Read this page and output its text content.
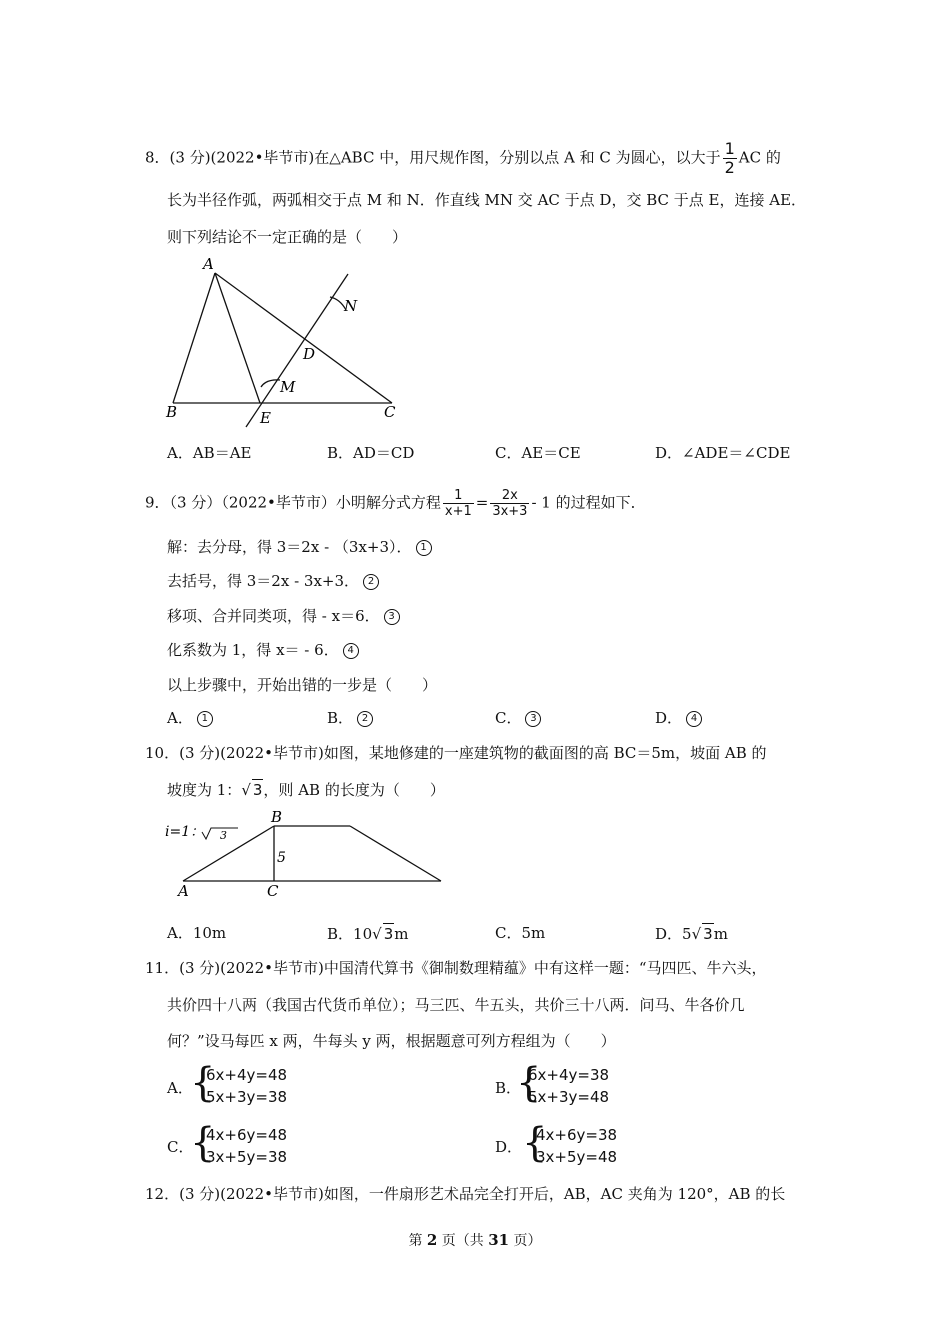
8．(3 分)(2022•毕节市)在△ABC 中，用尺规作图，分别以点 A 和 C 为圆心，以大于 $\frac{1}{2}$ AC 的
长为半径作弧，两弧相交于点 M 和 N．作直线 MN 交 AC 于点 D，交 BC 于点 E，连接 AE．
则下列结论不一定正确的是（　　）
A
B	C
D
E
M
N
A．AB＝AE	B．AD＝CD	C．AE＝CE	D．∠ADE＝∠CDE
9．（3 分）（2022•毕节市）小明解分式方程 $\frac{1}{x+1} = \frac{2x}{3x+3} - 1$ 的过程如下．
解：去分母，得 3＝2x - （3x+3）． 1
去括号，得 3＝2x - 3x+3． 2
移项、合并同类项，得 - x＝6． 3
化系数为 1，得 x＝ - 6． 4
以上步骤中，开始出错的一步是（　　）
A． 1	B． 2	C． 3	D． 4
10．(3 分)(2022•毕节市)如图，某地修建的一座建筑物的截面图的高 BC＝5m，坡面 AB 的
坡度为 1：√ 3，则 AB 的长度为（　　）
i=1： 3
5
A
B
C
A．10m	B．10√ 3m	C．5m	D．5√ 3m
11．(3 分)(2022•毕节市)中国清代算书《御制数理精蕴》中有这样一题：“马四匹、牛六头，
共价四十八两（我国古代货币单位）；马三匹、牛五头，共价三十八两．问马、牛各价几
何？”设马每匹 x 两，牛每头 y 两，根据题意可列方程组为（　　）
A．
{
6x+4y=48
5x+3y=38	B．
{
6x+4y=38
5x+3y=48
C．
{
4x+6y=48
3x+5y=38
D． {
4x+6y=38
3x+5y=48
12．(3 分)(2022•毕节市)如图，一件扇形艺术品完全打开后，AB，AC 夹角为 120°，AB 的长
第 2 页（共 31 页）
